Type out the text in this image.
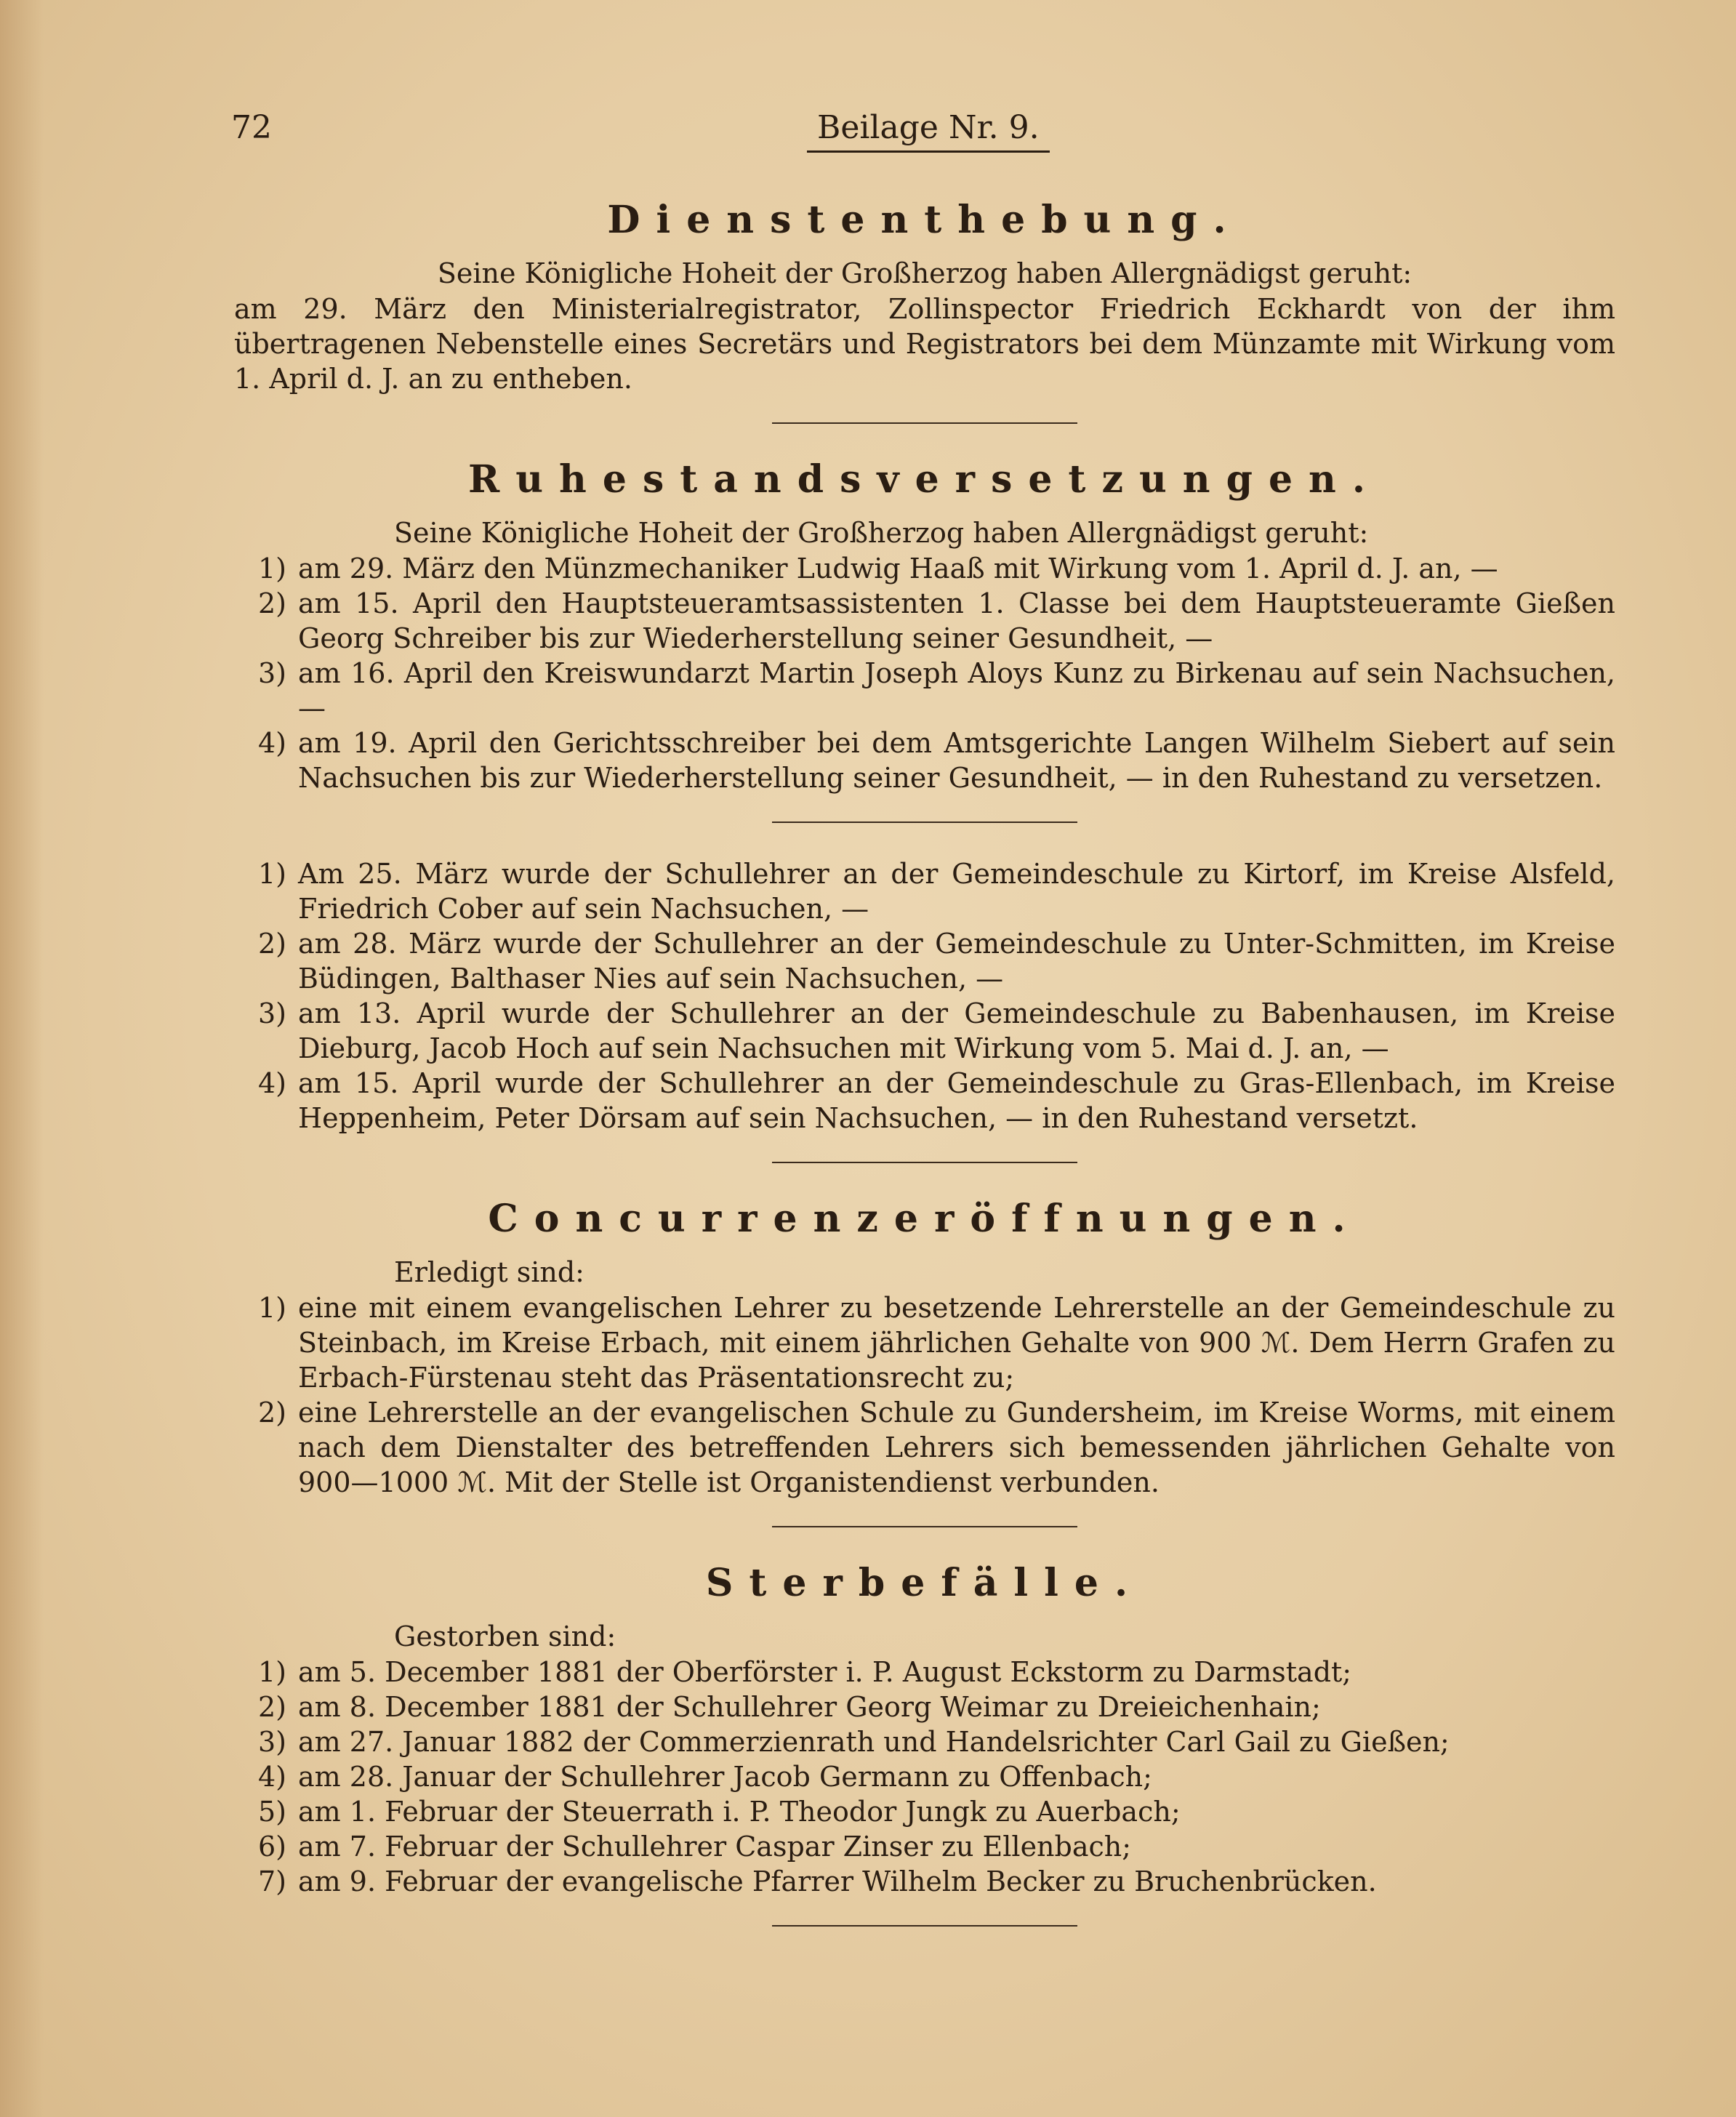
72	Beilage Nr. 9.
Dienstenthebung.
Seine Königliche Hoheit der Großherzog haben Allergnädigst geruht:
am 29. März den Ministerialregistrator, Zollinspector Friedrich Eckhardt von der ihm übertragenen Nebenstelle eines Secretärs und Registrators bei dem Münzamte mit Wirkung vom 1. April d. J. an zu entheben.
Ruhestandsversetzungen.
Seine Königliche Hoheit der Großherzog haben Allergnädigst geruht:
1) am 29. März den Münzmechaniker Ludwig Haaß mit Wirkung vom 1. April d. J. an, —
2) am 15. April den Hauptsteueramtsassistenten 1. Classe bei dem Hauptsteueramte Gießen Georg Schreiber bis zur Wiederherstellung seiner Gesundheit, —
3) am 16. April den Kreiswundarzt Martin Joseph Aloys Kunz zu Birkenau auf sein Nachsuchen, —
4) am 19. April den Gerichtsschreiber bei dem Amtsgerichte Langen Wilhelm Siebert auf sein Nachsuchen bis zur Wiederherstellung seiner Gesundheit, — in den Ruhestand zu versetzen.
1) Am 25. März wurde der Schullehrer an der Gemeindeschule zu Kirtorf, im Kreise Alsfeld, Friedrich Cober auf sein Nachsuchen, —
2) am 28. März wurde der Schullehrer an der Gemeindeschule zu Unter-Schmitten, im Kreise Büdingen, Balthaser Nies auf sein Nachsuchen, —
3) am 13. April wurde der Schullehrer an der Gemeindeschule zu Babenhausen, im Kreise Dieburg, Jacob Hoch auf sein Nachsuchen mit Wirkung vom 5. Mai d. J. an, —
4) am 15. April wurde der Schullehrer an der Gemeindeschule zu Gras-Ellenbach, im Kreise Heppenheim, Peter Dörsam auf sein Nachsuchen, — in den Ruhestand versetzt.
Concurrenzeröffnungen.
Erledigt sind:
1) eine mit einem evangelischen Lehrer zu besetzende Lehrerstelle an der Gemeindeschule zu Steinbach, im Kreise Erbach, mit einem jährlichen Gehalte von 900 ℳ. Dem Herrn Grafen zu Erbach-Fürstenau steht das Präsentationsrecht zu;
2) eine Lehrerstelle an der evangelischen Schule zu Gundersheim, im Kreise Worms, mit einem nach dem Dienstalter des betreffenden Lehrers sich bemessenden jährlichen Gehalte von 900—1000 ℳ. Mit der Stelle ist Organistendienst verbunden.
Sterbefälle.
Gestorben sind:
1) am 5. December 1881 der Oberförster i. P. August Eckstorm zu Darmstadt;
2) am 8. December 1881 der Schullehrer Georg Weimar zu Dreieichenhain;
3) am 27. Januar 1882 der Commerzienrath und Handelsrichter Carl Gail zu Gießen;
4) am 28. Januar der Schullehrer Jacob Germann zu Offenbach;
5) am 1. Februar der Steuerrath i. P. Theodor Jungk zu Auerbach;
6) am 7. Februar der Schullehrer Caspar Zinser zu Ellenbach;
7) am 9. Februar der evangelische Pfarrer Wilhelm Becker zu Bruchenbrücken.
